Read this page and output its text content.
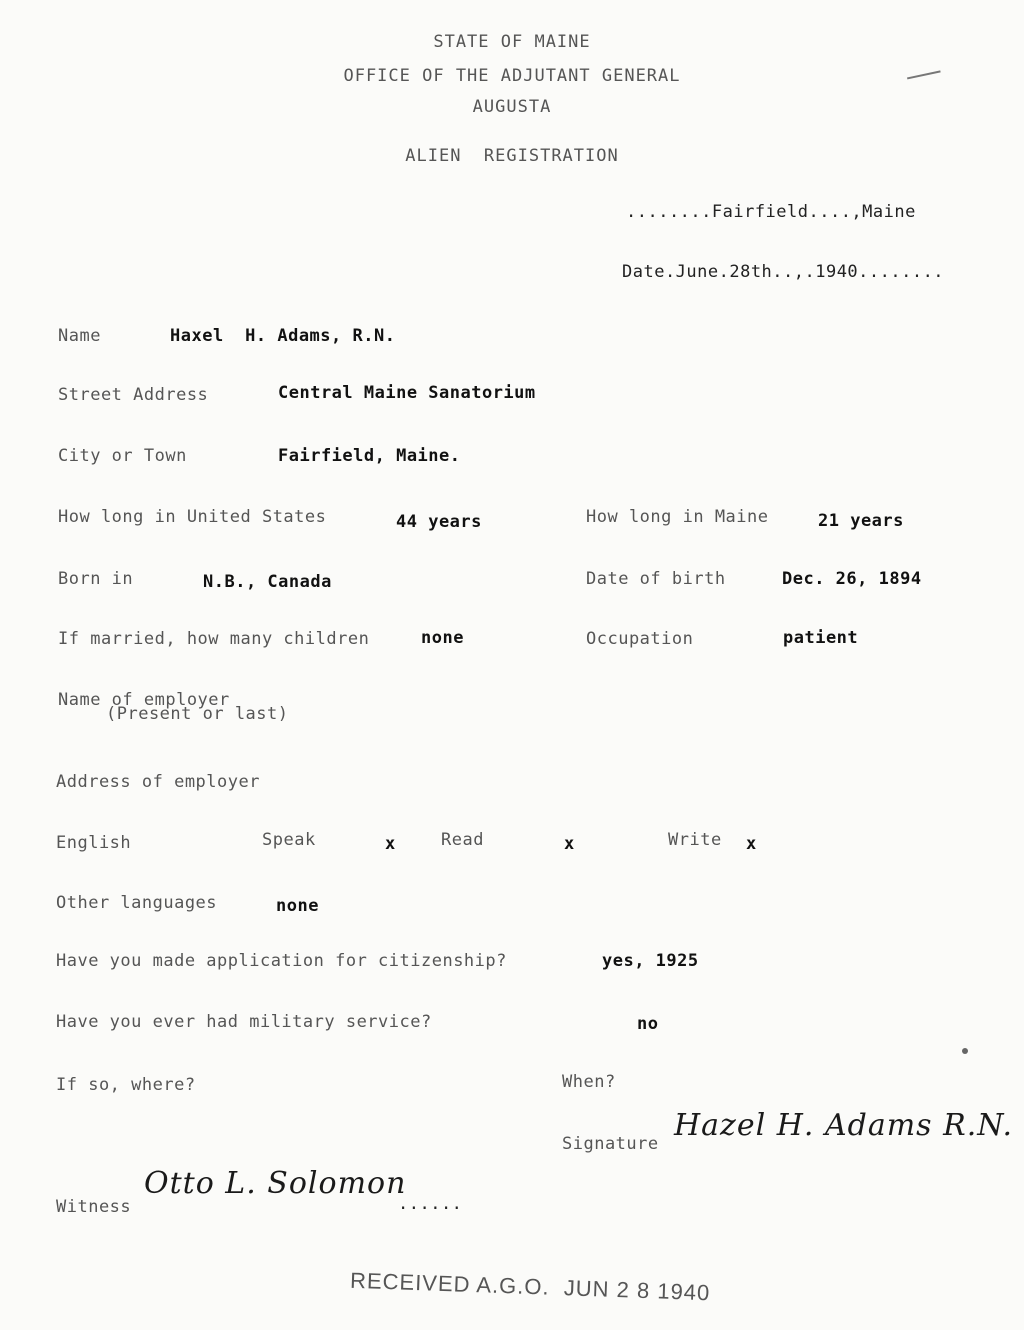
STATE OF MAINE
OFFICE OF THE ADJUTANT GENERAL
AUGUSTA
ALIEN  REGISTRATION
........Fairfield....,Maine
Date.June.28th..,.1940........
Name	Haxel  H. Adams, R.N.
Street Address	Central Maine Sanatorium
City or Town	Fairfield, Maine.
How long in United States	44 years	How long in Maine	21 years
Born in	N.B., Canada	Date of birth	Dec. 26, 1894
If married, how many children	none	Occupation	patient
Name of employer
(Present or last)
Address of employer
English	Speak	x	Read	x	Write x
Other languages	none
Have you made application for citizenship?	yes, 1925
Have you ever had military service?	no
If so, where?	When?
Signature
Hazel H. Adams R.N.
Witness
Otto L. Solomon
......
RECEIVED A.G.O.  JUN 2 8 1940
